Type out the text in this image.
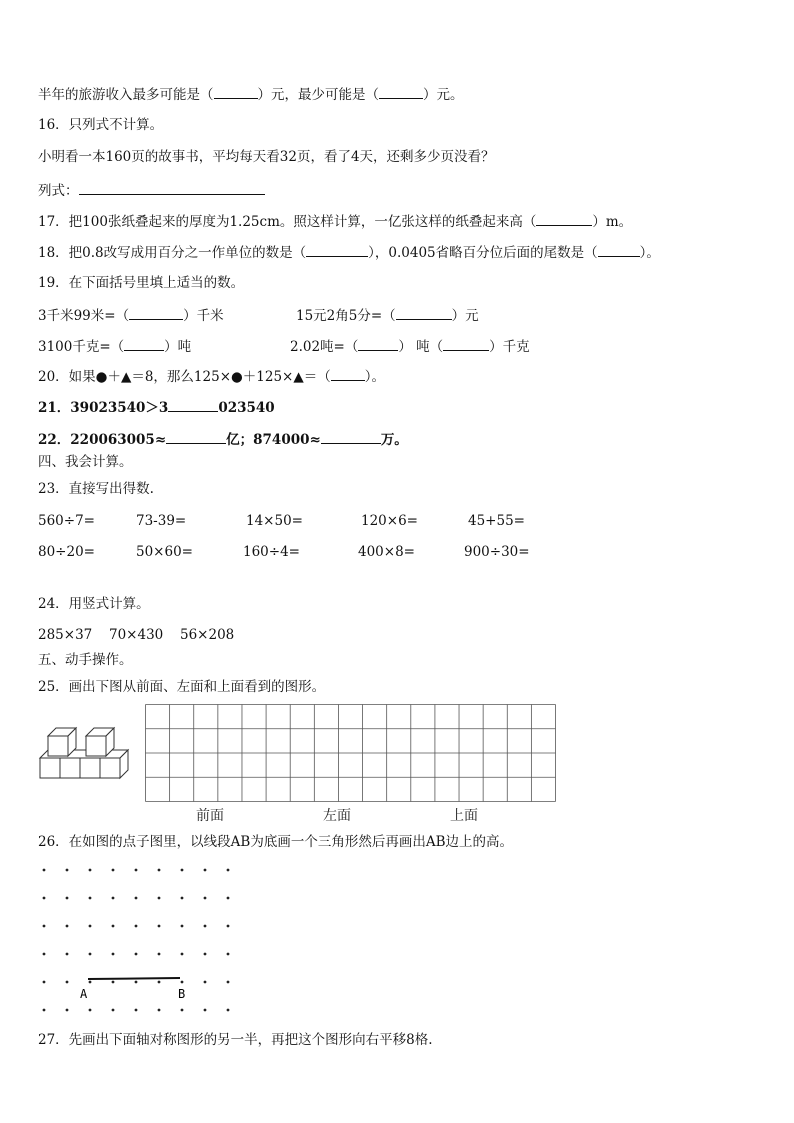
半年的旅游收入最多可能是（	）元，最少可能是（	）元。
16．只列式不计算。
小明看一本160页的故事书，平均每天看32页，看了4天，还剩多少页没看？
列式：
17．把100张纸叠起来的厚度为1.25cm。照这样计算，一亿张这样的纸叠起来高（	）m。
18．把0.8改写成用百分之一作单位的数是（	），0.0405省略百分位后面的尾数是（	）。
19．在下面括号里填上适当的数。
3千米99米=（	）千米	15元2角5分=（	）元
3100千克=（	）吨	2.02吨=（	） 吨（	）千克
20．如果●＋▲＝8，那么125×●＋125×▲＝（	）。
21．39023540＞3	023540
22．220063005≈	亿；874000≈	万。
四、我会计算。
23．直接写出得数.
560÷7=	73-39=	14×50=	120×6=	45+55=
80÷20=	50×60=	160÷4=	400×8=	900÷30=
24．用竖式计算。
285×37 70×430 56×208
五、动手操作。
25．画出下图从前面、左面和上面看到的图形。
前面	左面	上面
26．在如图的点子图里，以线段AB为底画一个三角形然后再画出AB边上的高。
A	B
27．先画出下面轴对称图形的另一半，再把这个图形向右平移8格.
